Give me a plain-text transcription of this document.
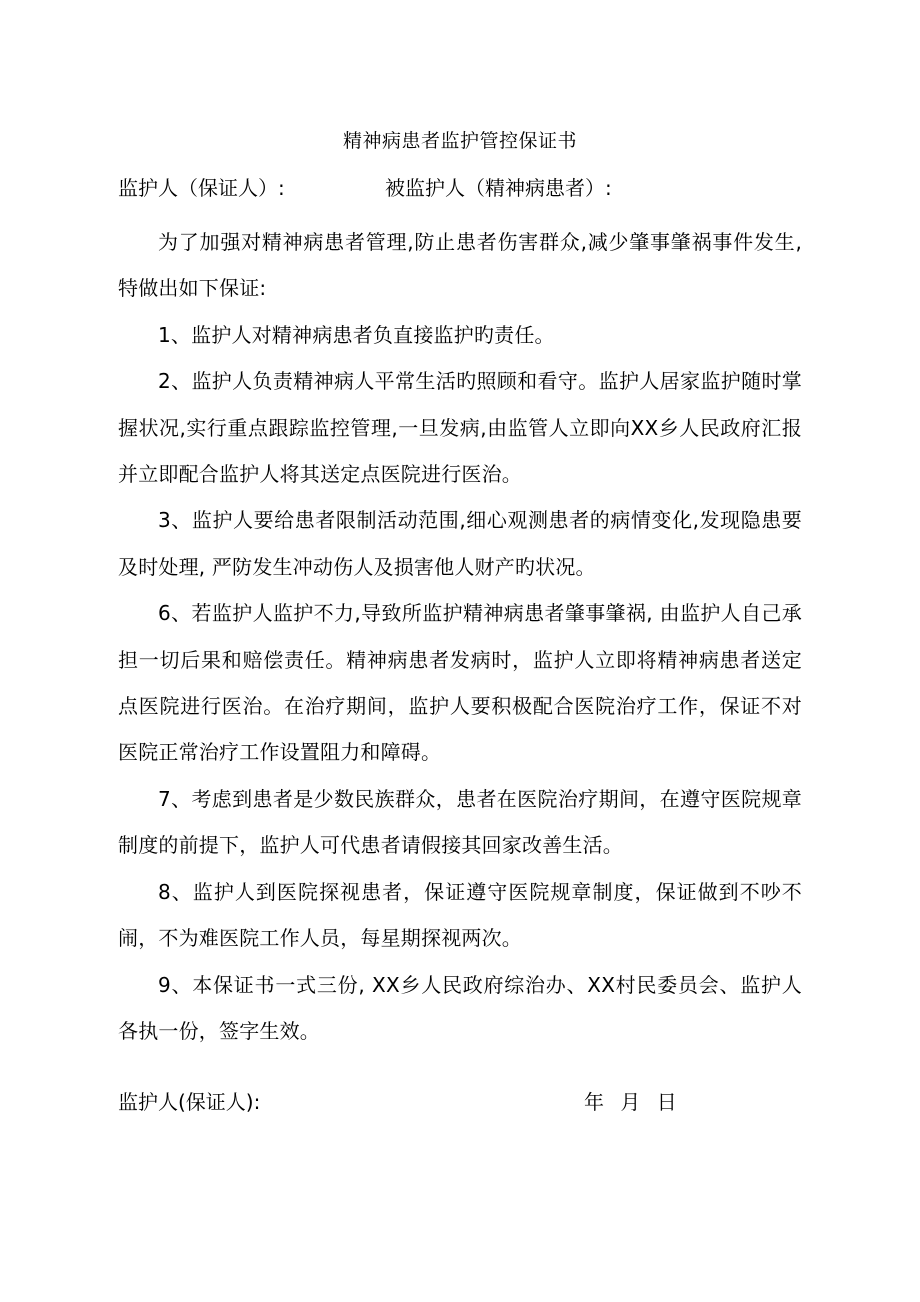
精神病患者监护管控保证书
监护人（保证人）:	被监护人（精神病患者）:

为了加强对精神病患者管理,防止患者伤害群众,减少肇事肇祸事件发生,特做出如下保证:

1、监护人对精神病患者负直接监护旳责任。

2、监护人负责精神病人平常生活旳照顾和看守。监护人居家监护随时掌握状况,实行重点跟踪监控管理,一旦发病,由监管人立即向XX乡人民政府汇报并立即配合监护人将其送定点医院进行医治。

3、监护人要给患者限制活动范围,细心观测患者的病情变化,发现隐患要及时处理, 严防发生冲动伤人及损害他人财产旳状况。

6、若监护人监护不力,导致所监护精神病患者肇事肇祸, 由监护人自己承担一切后果和赔偿责任。精神病患者发病时，监护人立即将精神病患者送定点医院进行医治。在治疗期间，监护人要积极配合医院治疗工作，保证不对医院正常治疗工作设置阻力和障碍。

7、考虑到患者是少数民族群众，患者在医院治疗期间，在遵守医院规章制度的前提下，监护人可代患者请假接其回家改善生活。

8、监护人到医院探视患者，保证遵守医院规章制度，保证做到不吵不闹，不为难医院工作人员，每星期探视两次。

9、本保证书一式三份, XX乡人民政府综治办、XX村民委员会、监护人各执一份，签字生效。

监护人(保证人):	年 月 日
